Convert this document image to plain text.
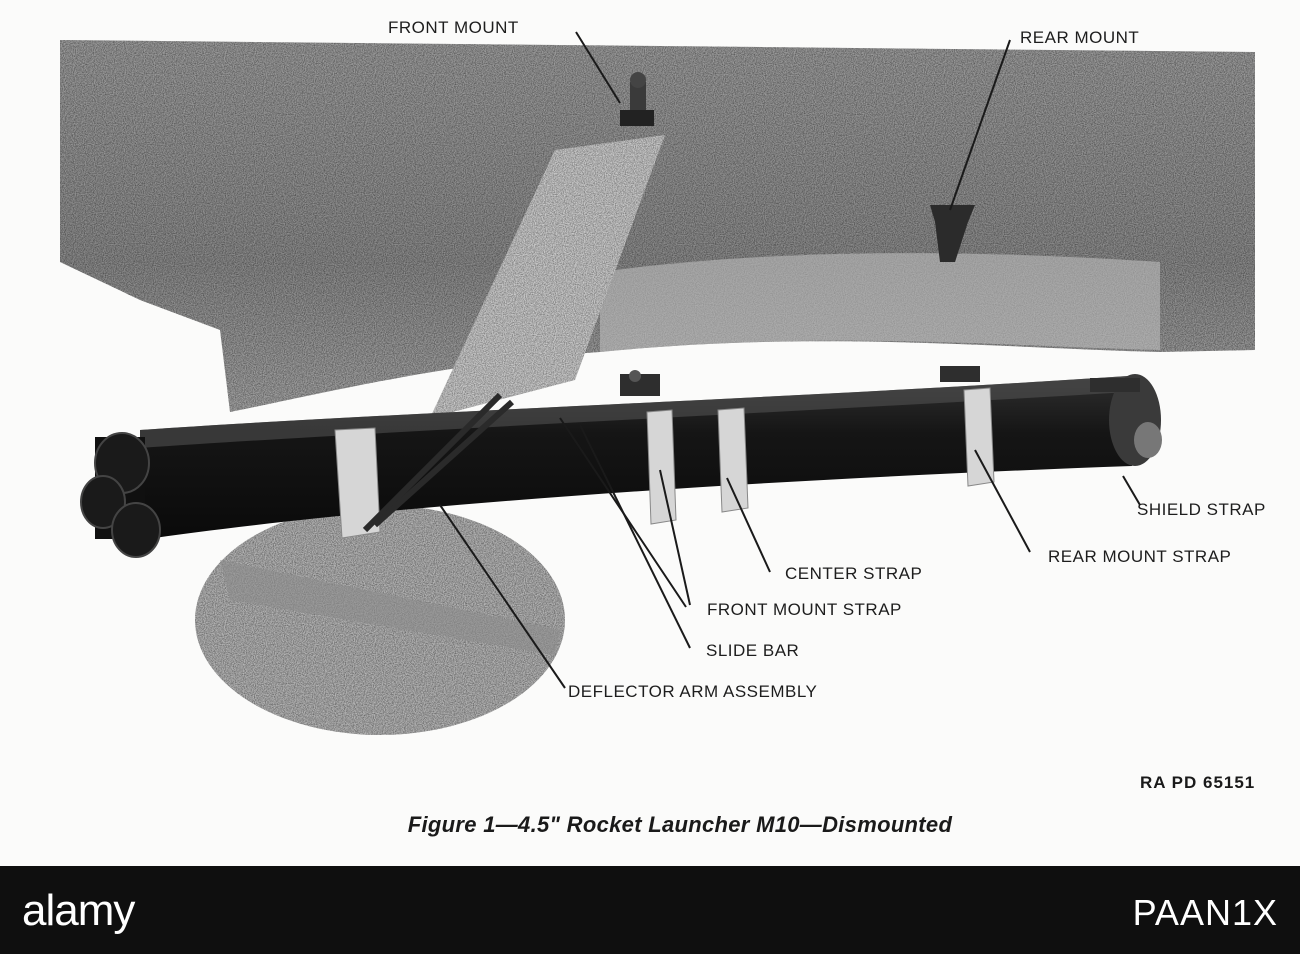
FRONT MOUNT
REAR MOUNT
SHIELD STRAP
REAR MOUNT STRAP
CENTER STRAP
FRONT MOUNT STRAP
SLIDE BAR
DEFLECTOR ARM ASSEMBLY
RA PD 65151
Figure 1—4.5" Rocket Launcher M10—Dismounted
alamy	PAAN1X
